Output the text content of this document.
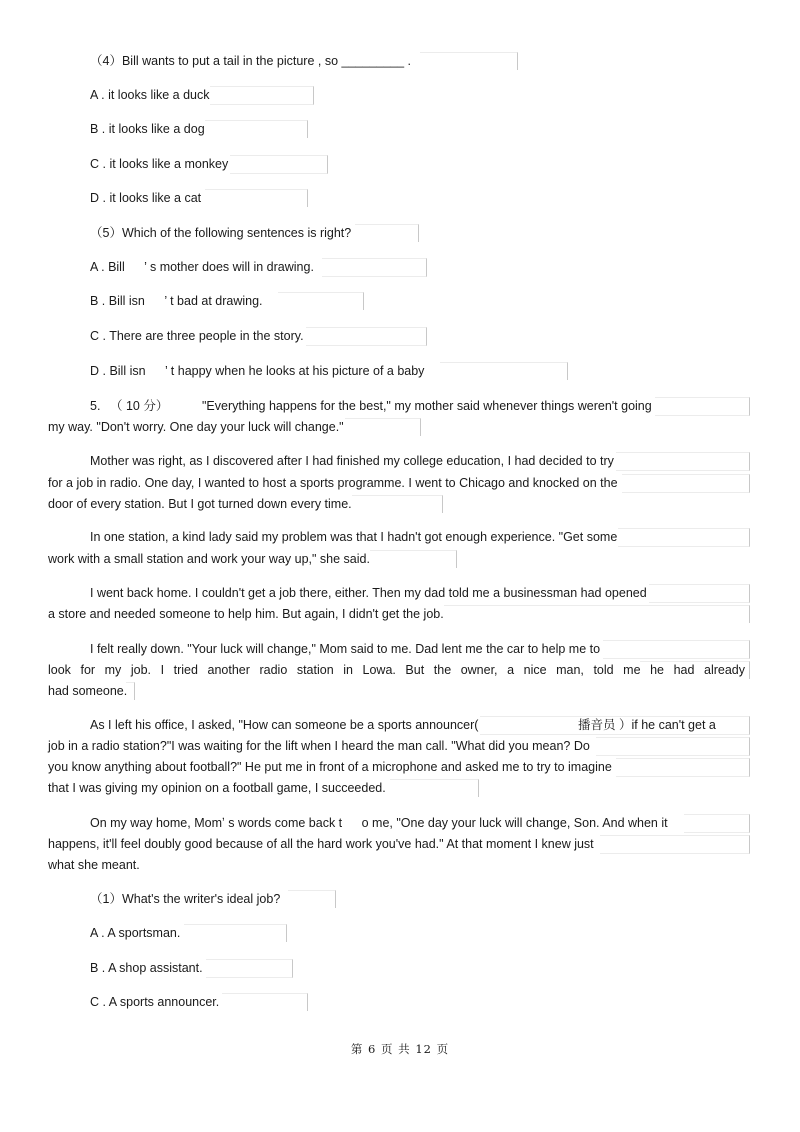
（4）Bill wants to put a tail in the picture , so _________ .
A . it looks like a duck
B . it looks like a dog
C . it looks like a monkey
D . it looks like a cat
（5）Which of the following sentences is right?
A . Bill 　 ’ s mother does will in drawing.
B . Bill isn 　 ’ t bad at drawing.
C . There are three people in the story.
D . Bill isn 　 ’ t happy when he looks at his picture of a baby
5. （ 10 分）	"Everything happens for the best," my mother said whenever things weren't going
my way. "Don't worry. One day your luck will change."
Mother was right, as I discovered after I had finished my college education, I had decided to try
for a job in radio. One day, I wanted to host a sports programme. I went to Chicago and knocked on the
door of every station. But I got turned down every time.
In one station, a kind lady said my problem was that I hadn't got enough experience. "Get some
work with a small station and work your way up," she said.
I went back home. I couldn't get a job there, either. Then my dad told me a businessman had opened
a store and needed someone to help him. But again, I didn't get the job.
I felt really down. "Your luck will change," Mom said to me. Dad lent me the car to help me to
look for my job. I tried another radio station in Lowa. But the owner, a nice man, told me he had already
had someone.
As I left his office, I asked, "How can someone be a sports announcer(	播音员 ）if he can't get a
job in a radio station?"I was waiting for the lift when I heard the man call. "What did you mean? Do
you know anything about football?" He put me in front of a microphone and asked me to try to imagine
that I was giving my opinion on a football game, I succeeded.
On my way home, Momʼ s words come back t 　 o me, "One day your luck will change, Son. And when it
happens, it'll feel doubly good because of all the hard work you've had." At that moment I knew just
what she meant.
（1）What's the writer's ideal job?
A . A sportsman.
B . A shop assistant.
C . A sports announcer.
第 6 页 共 12 页
